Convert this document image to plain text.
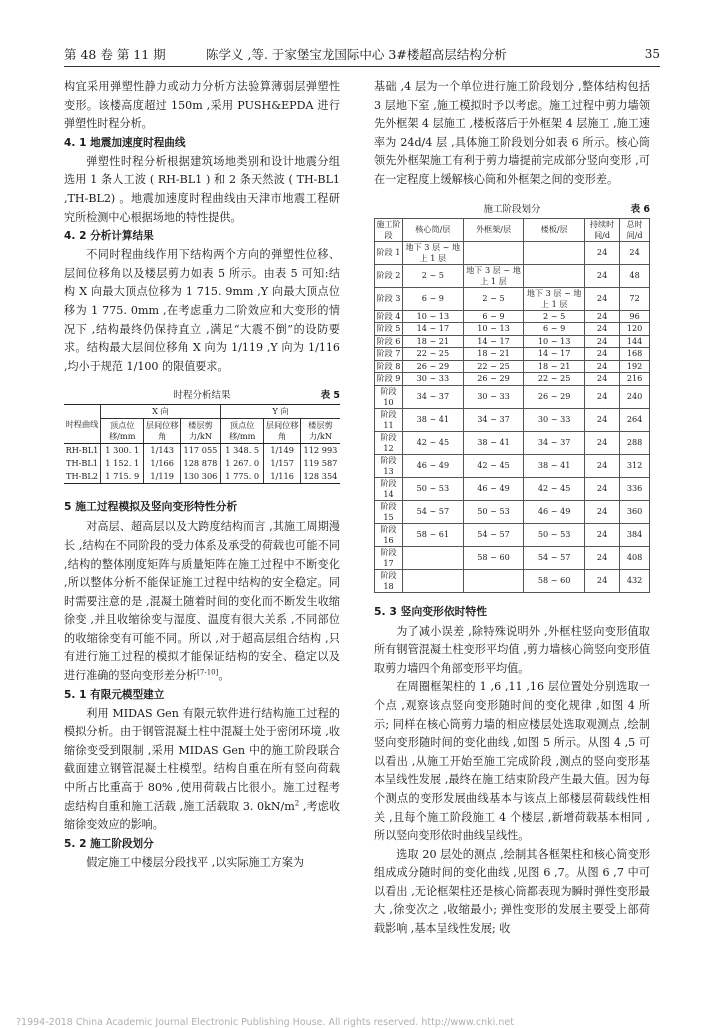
第 48 卷 第 11 期	陈学义 ,等. 于家堡宝龙国际中心 3#楼超高层结构分析	35

构宜采用弹塑性静力或动力分析方法验算薄弱层弹塑性变形。该楼高度超过 150m ,采用 PUSH&EPDA 进行弹塑性时程分析。

4. 1 地震加速度时程曲线

弹塑性时程分析根据建筑场地类别和设计地震分组选用 1 条人工波 ( RH-BL1 ) 和 2 条天然波 ( TH-BL1 ,TH-BL2) 。地震加速度时程曲线由天津市地震工程研究所检测中心根据场地的特性提供。

4. 2 分析计算结果

不同时程曲线作用下结构两个方向的弹塑性位移、层间位移角以及楼层剪力如表 5 所示。由表 5 可知:结构 X 向最大顶点位移为 1 715. 9mm ,Y 向最大顶点位移为 1 775. 0mm ,在考虑重力二阶效应和大变形的情况下 ,结构最终仍保持直立 ,满足“大震不倒”的设防要求。结构最大层间位移角 X 向为 1/119 ,Y 向为 1/116 ,均小于规范 1/100 的限值要求。

时程分析结果	表 5
时程曲线	X 向			Y 向		
	顶点位移/mm	层间位移角	楼层剪力/kN	顶点位移/mm	层间位移角	楼层剪力/kN
RH-BL1	1 300. 1	1/143	117 055	1 348. 5	1/149	112 993
TH-BL1	1 152. 1	1/166	128 878	1 267. 0	1/157	119 587
TH-BL2	1 715. 9	1/119	130 306	1 775. 0	1/116	128 354

5 施工过程模拟及竖向变形特性分析

对高层、超高层以及大跨度结构而言 ,其施工周期漫长 ,结构在不同阶段的受力体系及承受的荷载也可能不同 ,结构的整体刚度矩阵与质量矩阵在施工过程中不断变化 ,所以整体分析不能保证施工过程中结构的安全稳定。同时需要注意的是 ,混凝土随着时间的变化而不断发生收缩徐变 ,并且收缩徐变与湿度、温度有很大关系 ,不同部位的收缩徐变有可能不同。所以 ,对于超高层组合结构 ,只有进行施工过程的模拟才能保证结构的安全、稳定以及进行准确的竖向变形差分析[7-10]。

5. 1 有限元模型建立

利用 MIDAS Gen 有限元软件进行结构施工过程的模拟分析。由于钢管混凝土柱中混凝土处于密闭环境 ,收缩徐变受到限制 ,采用 MIDAS Gen 中的施工阶段联合截面建立钢管混凝土柱模型。结构自重在所有竖向荷载中所占比重高于 80% ,使用荷载占比很小。施工过程考虑结构自重和施工活载 ,施工活载取 3. $0kN/m^2$ ,考虑收缩徐变效应的影响。

5. 2 施工阶段划分

假定施工中楼层分段找平 ,以实际施工方案为

基础 ,4 层为一个单位进行施工阶段划分 ,整体结构包括 3 层地下室 ,施工模拟时予以考虑。施工过程中剪力墙领先外框架 4 层施工 ,楼板落后于外框架 4 层施工 ,施工速率为 24d/4 层 ,具体施工阶段划分如表 6 所示。核心筒领先外框架施工有利于剪力墙提前完成部分竖向变形 ,可在一定程度上缓解核心筒和外框架之间的变形差。

施工阶段划分	表 6
施工阶段	核心筒/层	外框架/层	楼板/层	持续时间/d	总时间/d
阶段 1	地下 3 层 ~ 地上 1 层			24	24
阶段 2	2 ~ 5	地下 3 层 ~ 地上 1 层		24	48
阶段 3	6 ~ 9	2 ~ 5	地下 3 层 ~ 地上 1 层	24	72
阶段 4	10 ~ 13	6 ~ 9	2 ~ 5	24	96
阶段 5	14 ~ 17	10 ~ 13	6 ~ 9	24	120
阶段 6	18 ~ 21	14 ~ 17	10 ~ 13	24	144
阶段 7	22 ~ 25	18 ~ 21	14 ~ 17	24	168
阶段 8	26 ~ 29	22 ~ 25	18 ~ 21	24	192
阶段 9	30 ~ 33	26 ~ 29	22 ~ 25	24	216
阶段 10	34 ~ 37	30 ~ 33	26 ~ 29	24	240
阶段 11	38 ~ 41	34 ~ 37	30 ~ 33	24	264
阶段 12	42 ~ 45	38 ~ 41	34 ~ 37	24	288
阶段 13	46 ~ 49	42 ~ 45	38 ~ 41	24	312
阶段 14	50 ~ 53	46 ~ 49	42 ~ 45	24	336
阶段 15	54 ~ 57	50 ~ 53	46 ~ 49	24	360
阶段 16	58 ~ 61	54 ~ 57	50 ~ 53	24	384
阶段 17		58 ~ 60	54 ~ 57	24	408
阶段 18			58 ~ 60	24	432

5. 3 竖向变形依时特性

为了减小误差 ,除特殊说明外 ,外框柱竖向变形值取所有钢管混凝土柱变形平均值 ,剪力墙核心筒竖向变形值取剪力墙四个角部变形平均值。

在周圈框架柱的 1 ,6 ,11 ,16 层位置处分别选取一个点 ,观察该点竖向变形随时间的变化规律 ,如图 4 所示; 同样在核心筒剪力墙的相应楼层处选取观测点 ,绘制竖向变形随时间的变化曲线 ,如图 5 所示。从图 4 ,5 可以看出 ,从施工开始至施工完成阶段 ,测点的竖向变形基本呈线性发展 ,最终在施工结束阶段产生最大值。因为每个测点的变形发展曲线基本与该点上部楼层荷载线性相关 ,且每个施工阶段施工 4 个楼层 ,新增荷载基本相同 ,所以竖向变形依时曲线呈线性。

选取 20 层处的测点 ,绘制其各框架柱和核心筒变形组成成分随时间的变化曲线 ,见图 6 ,7。从图 6 ,7 中可以看出 ,无论框架柱还是核心筒都表现为瞬时弹性变形最大 ,徐变次之 ,收缩最小; 弹性变形的发展主要受上部荷载影响 ,基本呈线性发展; 收

?1994-2018 China Academic Journal Electronic Publishing House. All rights reserved. http://www.cnki.net
